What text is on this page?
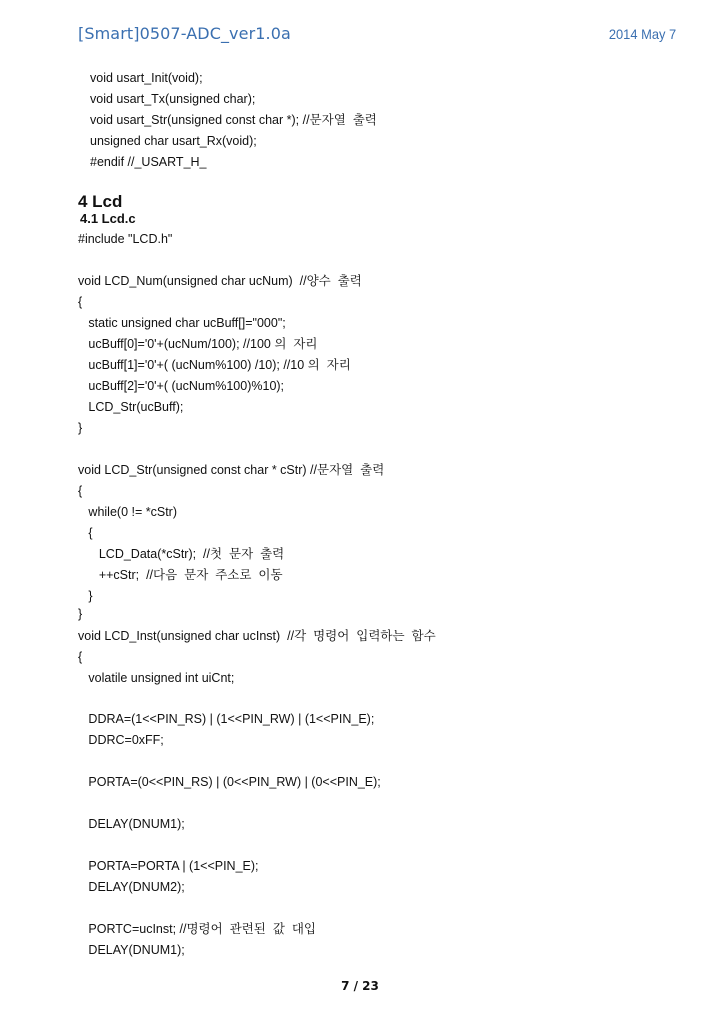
[Smart]0507-ADC_ver1.0a	2014 May 7
void usart_Init(void);
void usart_Tx(unsigned char);
void usart_Str(unsigned const char *); //문자열  출력
unsigned char usart_Rx(void);
#endif //_USART_H_
4 Lcd
4.1 Lcd.c
#include "LCD.h"
void LCD_Num(unsigned char ucNum)  //양수  출력
{
static unsigned char ucBuff[]="000";
ucBuff[0]='0'+(ucNum/100); //100 의  자리
ucBuff[1]='0'+( (ucNum%100) /10); //10 의  자리
ucBuff[2]='0'+( (ucNum%100)%10);
LCD_Str(ucBuff);
}
void LCD_Str(unsigned const char * cStr) //문자열  출력
{
while(0 != *cStr)
{
LCD_Data(*cStr);  //첫  문자  출력
++cStr;  //다음  문자  주소로  이동
}
}
void LCD_Inst(unsigned char ucInst)  //각  명령어  입력하는  함수
{
volatile unsigned int uiCnt;
DDRA=(1<<PIN_RS) | (1<<PIN_RW) | (1<<PIN_E);
DDRC=0xFF;
PORTA=(0<<PIN_RS) | (0<<PIN_RW) | (0<<PIN_E);
DELAY(DNUM1);
PORTA=PORTA | (1<<PIN_E);
DELAY(DNUM2);
PORTC=ucInst; //명령어  관련된  값  대입
DELAY(DNUM1);
7 / 23
